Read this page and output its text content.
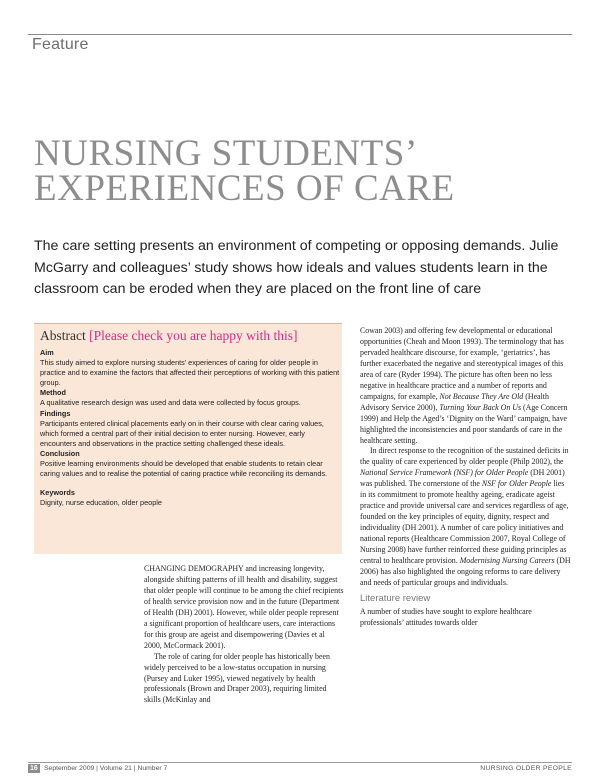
Feature
NURSING STUDENTS’
EXPERIENCES OF CARE
The care setting presents an environment of competing or opposing demands. Julie McGarry and colleagues’ study shows how ideals and values students learn in the classroom can be eroded when they are placed on the front line of care
Abstract [Please check you are happy with this]
Aim

This study aimed to explore nursing students’ experiences of caring for older people in practice and to examine the factors that affected their perceptions of working with this patient group.

Method

A qualitative research design was used and data were collected by focus groups.

Findings

Participants entered clinical placements early on in their course with clear caring values, which formed a central part of their initial decision to enter nursing. However, early encounters and observations in the practice setting challenged these ideals.

Conclusion

Positive learning environments should be developed that enable students to retain clear caring values and to realise the potential of caring practice while reconciling its demands.

Keywords

Dignity, nurse education, older people

CHANGING DEMOGRAPHY and increasing longevity, alongside shifting patterns of ill health and disability, suggest that older people will continue to be among the chief recipients of health service provision now and in the future (Department of Health (DH) 2001). However, while older people represent a significant proportion of healthcare users, care interactions for this group are ageist and disempowering (Davies et al 2000, McCormack 2001).

The role of caring for older people has historically been widely perceived to be a low-status occupation in nursing (Pursey and Luker 1995), viewed negatively by health professionals (Brown and Draper 2003), requiring limited skills (McKinlay and

Cowan 2003) and offering few developmental or educational opportunities (Cheah and Moon 1993). The terminology that has pervaded healthcare discourse, for example, ‘geriatrics’, has further exacerbated the negative and stereotypical images of this area of care (Ryder 1994). The picture has often been no less negative in healthcare practice and a number of reports and campaigns, for example, Not Because They Are Old (Health Advisory Service 2000), Turning Your Back On Us (Age Concern 1999) and Help the Aged’s ‘Dignity on the Ward’ campaign, have highlighted the inconsistencies and poor standards of care in the healthcare setting.

In direct response to the recognition of the sustained deficits in the quality of care experienced by older people (Philp 2002), the National Service Framework (NSF) for Older People (DH 2001) was published. The cornerstone of the NSF for Older People lies in its commitment to promote healthy ageing, eradicate ageist practice and provide universal care and services regardless of age, founded on the key principles of equity, dignity, respect and individuality (DH 2001). A number of care policy initiatives and national reports (Healthcare Commission 2007, Royal College of Nursing 2008) have further reinforced these guiding principles as central to healthcare provision. Modernising Nursing Careers (DH 2006) has also highlighted the ongoing reforms to care delivery and needs of particular groups and individuals.

Literature review

A number of studies have sought to explore healthcare professionals’ attitudes towards older

16 September 2009 | Volume 21 | Number 7	NURSING OLDER PEOPLE
